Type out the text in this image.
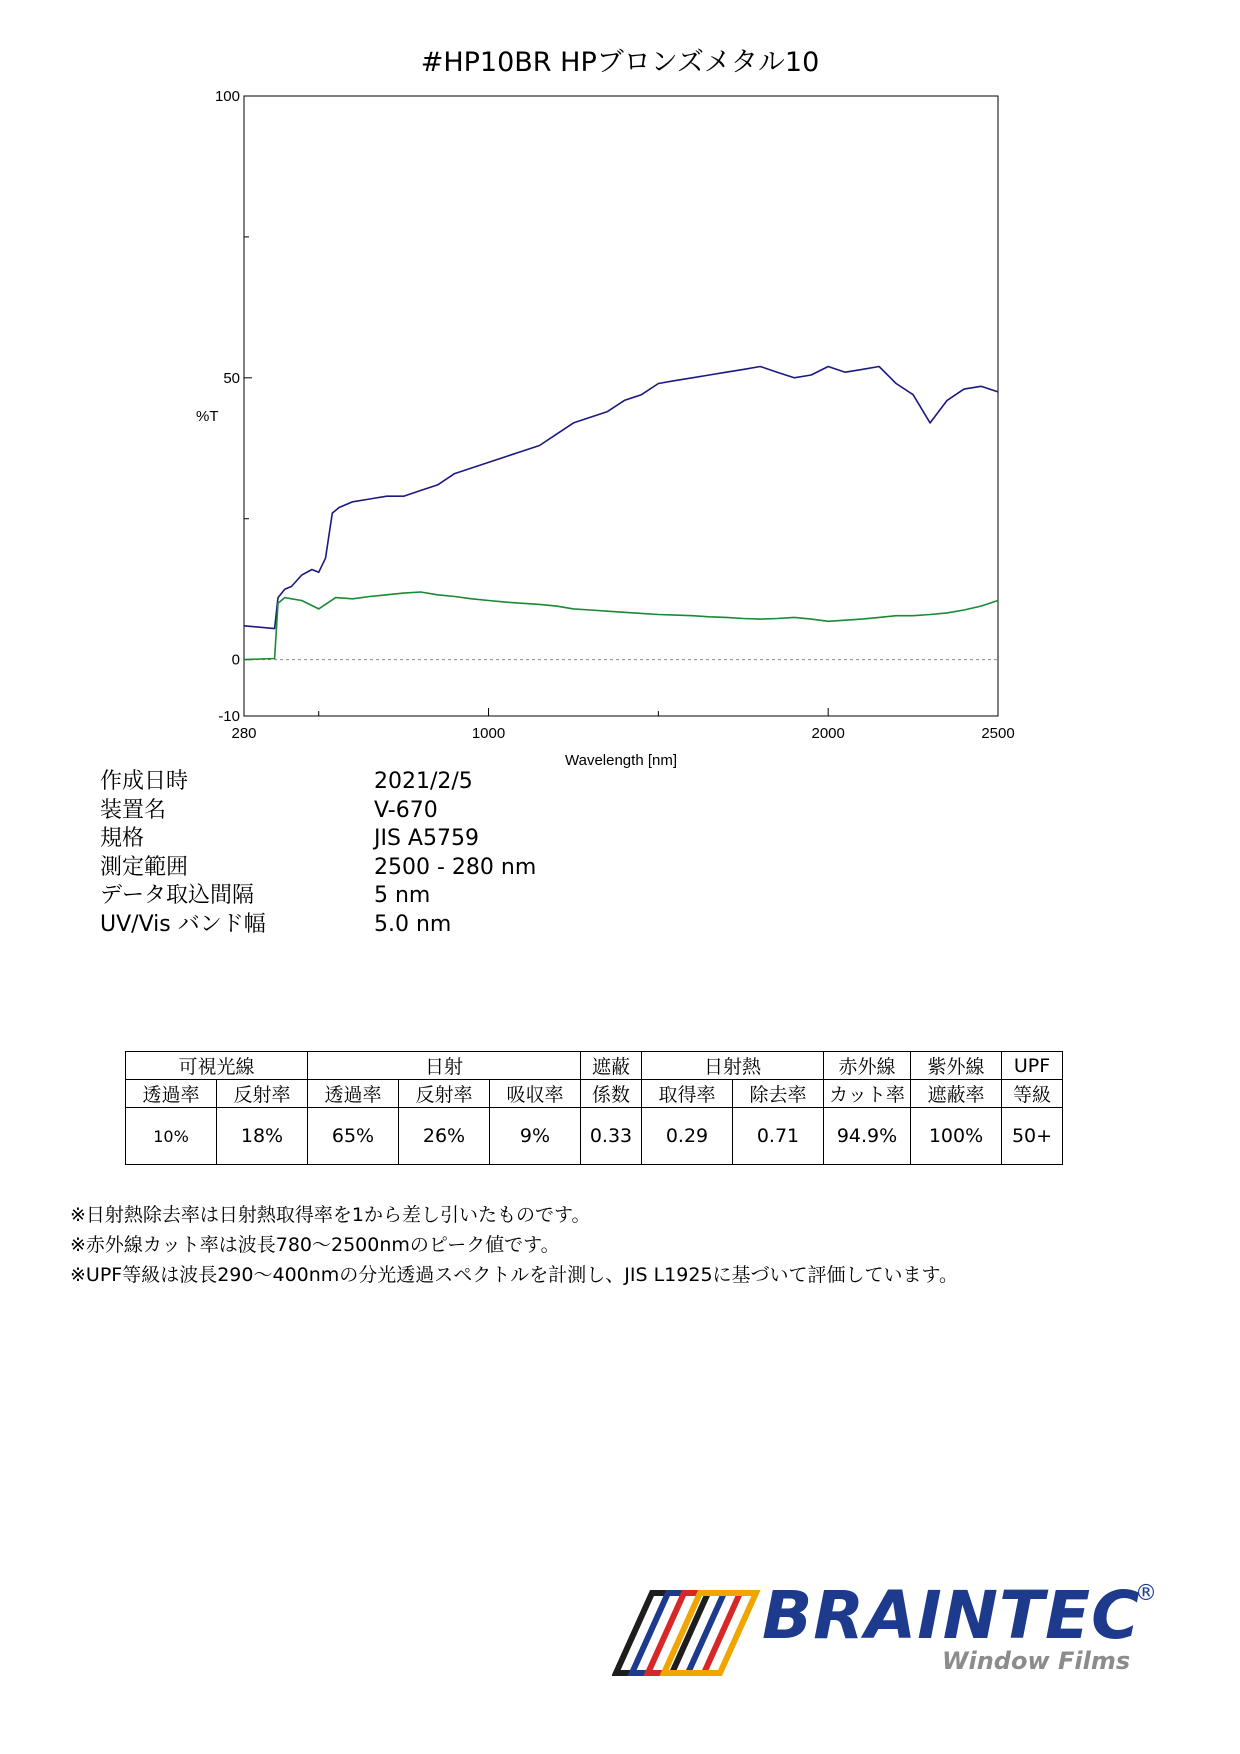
#HP10BR HPブロンズメタル10
280	1000	2000	2500
100
50
0
-10
%T
Wavelength [nm]
作成日時	2021/2/5
装置名	V-670
規格	JIS A5759
測定範囲	2500 - 280 nm
データ取込間隔	5 nm
UV/Vis バンド幅	5.0 nm
可視光線		日射			遮蔽	日射熱		赤外線	紫外線	UPF
透過率	反射率	透過率	反射率	吸収率	係数	取得率	除去率	カット率	遮蔽率	等級
10%	18%	65%	26%	9%	0.33	0.29	0.71	94.9%	100%	50+
※日射熱除去率は日射熱取得率を1から差し引いたものです。
※赤外線カット率は波長780〜2500nmのピーク値です。
※UPF等級は波長290〜400nmの分光透過スペクトルを計測し、JIS L1925に基づいて評価しています。
BRAINTEC
®
Window Films
